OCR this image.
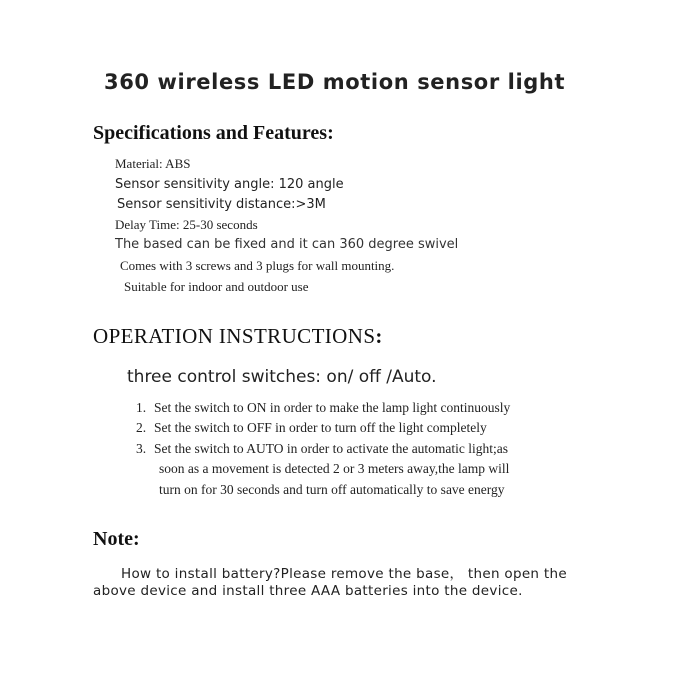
360 wireless LED motion sensor light
Specifications and Features:
Material: ABS
Sensor sensitivity angle: 120 angle
Sensor sensitivity distance:>3M
Delay Time: 25-30 seconds
The based can be fixed and it can 360 degree swivel
Comes with 3 screws and 3 plugs for wall mounting.
Suitable for indoor and outdoor use
OPERATION INSTRUCTIONS:
three control switches: on/ off /Auto.
1. Set the switch to ON in order to make the lamp light continuously
2. Set the switch to OFF in order to turn off the light completely
3. Set the switch to AUTO in order to activate the automatic light;as
soon as a movement is detected 2 or 3 meters away,the lamp will
turn on for 30 seconds and turn off automatically to save energy
Note:
How to install battery?Please remove the base， then open the
above device and install three AAA batteries into the device.
